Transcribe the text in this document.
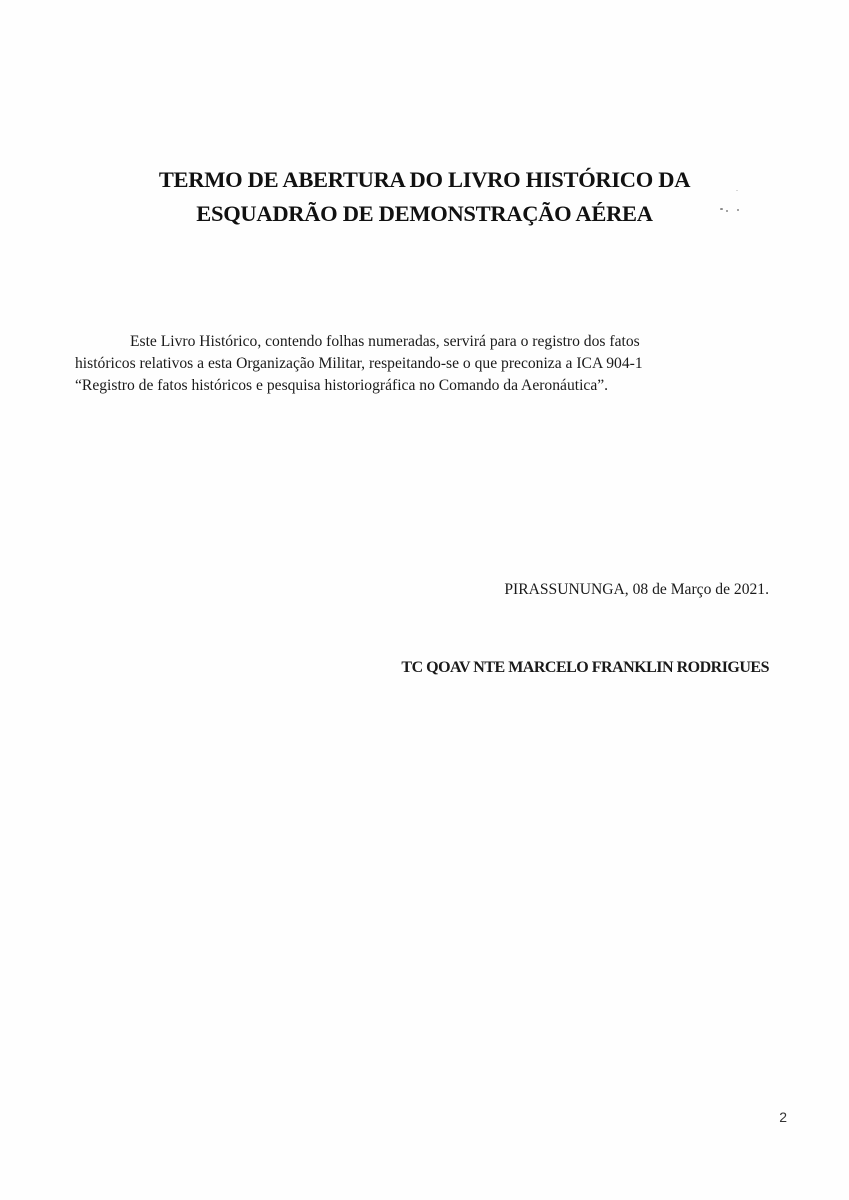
TERMO DE ABERTURA DO LIVRO HISTÓRICO DA
ESQUADRÃO DE DEMONSTRAÇÃO AÉREA
Este Livro Histórico, contendo folhas numeradas, servirá para o registro dos fatos
históricos relativos a esta Organização Militar, respeitando-se o que preconiza a ICA 904-1
“Registro de fatos históricos e pesquisa historiográfica no Comando da Aeronáutica”.
PIRASSUNUNGA, 08 de Março de 2021.
TC QOAV NTE MARCELO FRANKLIN RODRIGUES
2
